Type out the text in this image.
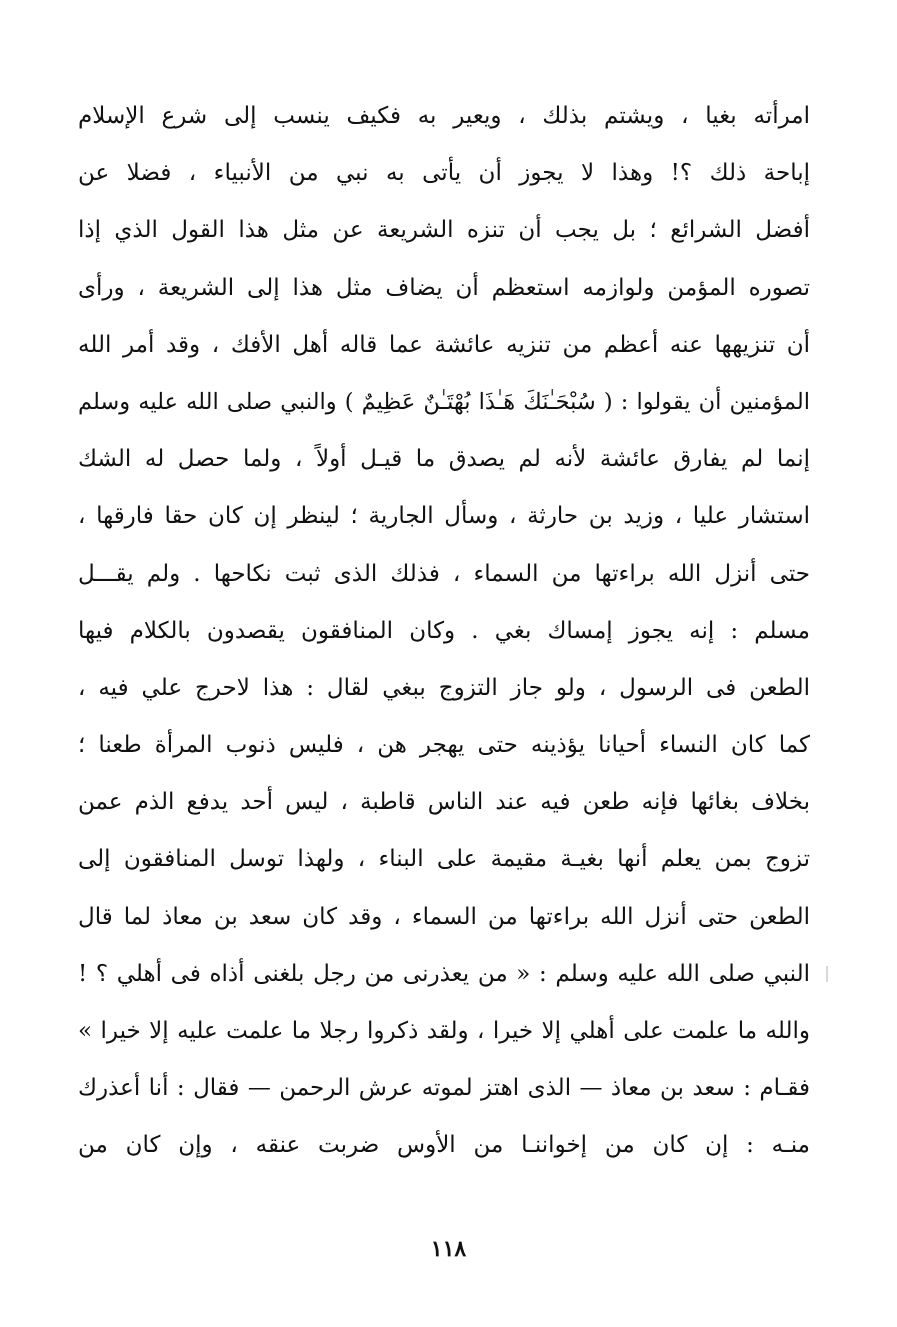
امرأته بغيا ، ويشتم بذلك ، ويعير به فكيف ينسب إلى شرع الإسلام
إباحة ذلك ؟! وهذا لا يجوز أن يأتى به نبي من الأنبياء ، فضلا عن
أفضل الشرائع ؛ بل يجب أن تنزه الشريعة عن مثل هذا القول الذي إذا
تصوره المؤمن ولوازمه استعظم أن يضاف مثل هذا إلى الشريعة ، ورأى
أن تنزيهها عنه أعظم من تنزيه عائشة عما قاله أهل الأفك ، وقد أمر الله
المؤمنين أن يقولوا : ( سُبْحَـٰنَكَ هَـٰذَا بُهْتَـٰنٌ عَظِيمٌ ) والنبي صلى الله عليه وسلم
إنما لم يفارق عائشة لأنه لم يصدق ما قيـل أولاً ، ولما حصل له الشك
استشار عليا ، وزيد بن حارثة ، وسأل الجارية ؛ لينظر إن كان حقا فارقها ،
حتى أنزل الله براءتها من السماء ، فذلك الذى ثبت نكاحها . ولم يقـــل
مسلم : إنه يجوز إمساك بغي . وكان المنافقون يقصدون بالكلام فيها
الطعن فى الرسول ، ولو جاز التزوج ببغي لقال : هذا لاحرج علي فيه ،
كما كان النساء أحيانا يؤذينه حتى يهجر هن ، فليس ذنوب المرأة طعنا ؛
بخلاف بغائها فإنه طعن فيه عند الناس قاطبة ، ليس أحد يدفع الذم عمن
تزوج بمن يعلم أنها بغيـة مقيمة على البناء ، ولهذا توسل المنافقون إلى
الطعن حتى أنزل الله براءتها من السماء ، وقد كان سعد بن معاذ لما قال
النبي صلى الله عليه وسلم : « من يعذرنى من رجل بلغنى أذاه فى أهلي ؟ !
والله ما علمت على أهلي إلا خيرا ، ولقد ذكروا رجلا ما علمت عليه إلا خيرا »
فقـام : سعد بن معاذ — الذى اهتز لموته عرش الرحمن — فقال : أنا أعذرك
منـه : إن كان من إخواننـا من الأوس ضربت عنقه ، وإن كان من
١١٨
